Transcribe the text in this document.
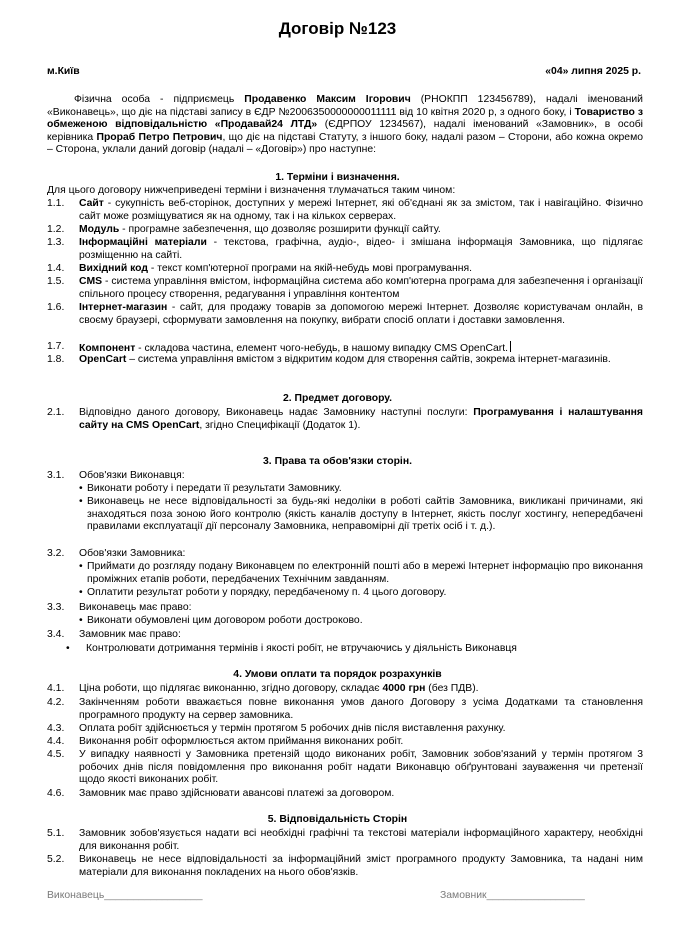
Договір №123
м.Київ	«04» липня 2025 р.
Фізична особа - підприємець Продавенко Максим Ігорович (РНОКПП 123456789), надалі іменований «Виконавець», що діє на підставі запису в ЄДР №2006350000000011111 від 10 квітня 2020 р, з одного боку, і Товариство з обмеженою відповідальністю «Продавай24 ЛТД» (ЄДРПОУ 1234567), надалі іменований «Замовник», в особі керівника Прораб Петро Петрович, що діє на підставі Статуту, з іншого боку, надалі разом – Сторони, або кожна окремо – Сторона, уклали даний договір (надалі – «Договір») про наступне:
1. Терміни і визначення.
Для цього договору нижчеприведені терміни і визначення тлумачаться таким чином:
1.1.	Сайт - сукупність веб-сторінок, доступних у мережі Інтернет, які об'єднані як за змістом, так і навігаційно. Фізично сайт може розміщуватися як на одному, так і на кількох серверах.
1.2.	Модуль - програмне забезпечення, що дозволяє розширити функції сайту.
1.3.	Інформаційні матеріали - текстова, графічна, аудіо-, відео- і змішана інформація Замовника, що підлягає розміщенню на сайті.
1.4.	Вихідний код - текст комп'ютерної програми на якій-небудь мові програмування.
1.5.	CMS - система управління вмістом, інформаційна система або комп'ютерна програма для забезпечення і організації спільного процесу створення, редагування і управління контентом
1.6.	Інтернет-магазин - сайт, для продажу товарів за допомогою мережі Інтернет. Дозволяє користувачам онлайн, в своєму браузері, сформувати замовлення на покупку, вибрати спосіб оплати і доставки замовлення.
1.7.	Компонент - складова частина, елемент чого-небудь, в нашому випадку CMS OpenCart.
1.8.	OpenCart – система управління вмістом з відкритим кодом для створення сайтів, зокрема інтернет-магазинів.
2. Предмет договору.
2.1.	Відповідно даного договору, Виконавець надає Замовнику наступні послуги: Програмування і налаштування сайту на CMS OpenCart, згідно Специфікації (Додаток 1).
3. Права та обов'язки сторін.
3.1.	Обов'язки Виконавця:
• Виконати роботу і передати її результати Замовнику.
• Виконавець не несе відповідальності за будь-які недоліки в роботі сайтів Замовника, викликані причинами, які знаходяться поза зоною його контролю (якість каналів доступу в Інтернет, якість послуг хостингу, непередбачені правилами експлуатації дії персоналу Замовника, неправомірні дії третіх осіб і т. д.).
3.2.	Обов'язки Замовника:
• Приймати до розгляду подану Виконавцем по електронній пошті або в мережі Інтернет інформацію про виконання проміжних етапів роботи, передбачених Технічним завданням.
• Оплатити результат роботи у порядку, передбаченому п. 4 цього договору.
3.3.	Виконавець має право:
• Виконати обумовлені цим договором роботи достроково.
3.4.	Замовник має право:
• Контролювати дотримання термінів і якості робіт, не втручаючись у діяльність Виконавця
4. Умови оплати та порядок розрахунків
4.1.	Ціна роботи, що підлягає виконанню, згідно договору, складає 4000 грн (без ПДВ).
4.2.	Закінченням роботи вважається повне виконання умов даного Договору з усіма Додатками та становлення програмного продукту на сервер замовника.
4.3.	Оплата робіт здійснюється у термін протягом 5 робочих днів після виставлення рахунку.
4.4.	Виконання робіт оформлюється актом приймання виконаних робіт.
4.5.	У випадку наявності у Замовника претензій щодо виконаних робіт, Замовник зобов'язаний у термін протягом 3 робочих днів після повідомлення про виконання робіт надати Виконавцю обґрунтовані зауваження чи претензії щодо якості виконаних робіт.
4.6.	Замовник має право здійснювати авансові платежі за договором.
5. Відповідальність Сторін
5.1.	Замовник зобов'язується надати всі необхідні графічні та текстові матеріали інформаційного характеру, необхідні для виконання робіт.
5.2.	Виконавець не несе відповідальності за інформаційний зміст програмного продукту Замовника, та надані ним матеріали для виконання покладених на нього обов'язків.
Виконавець_________________	Замовник_________________
